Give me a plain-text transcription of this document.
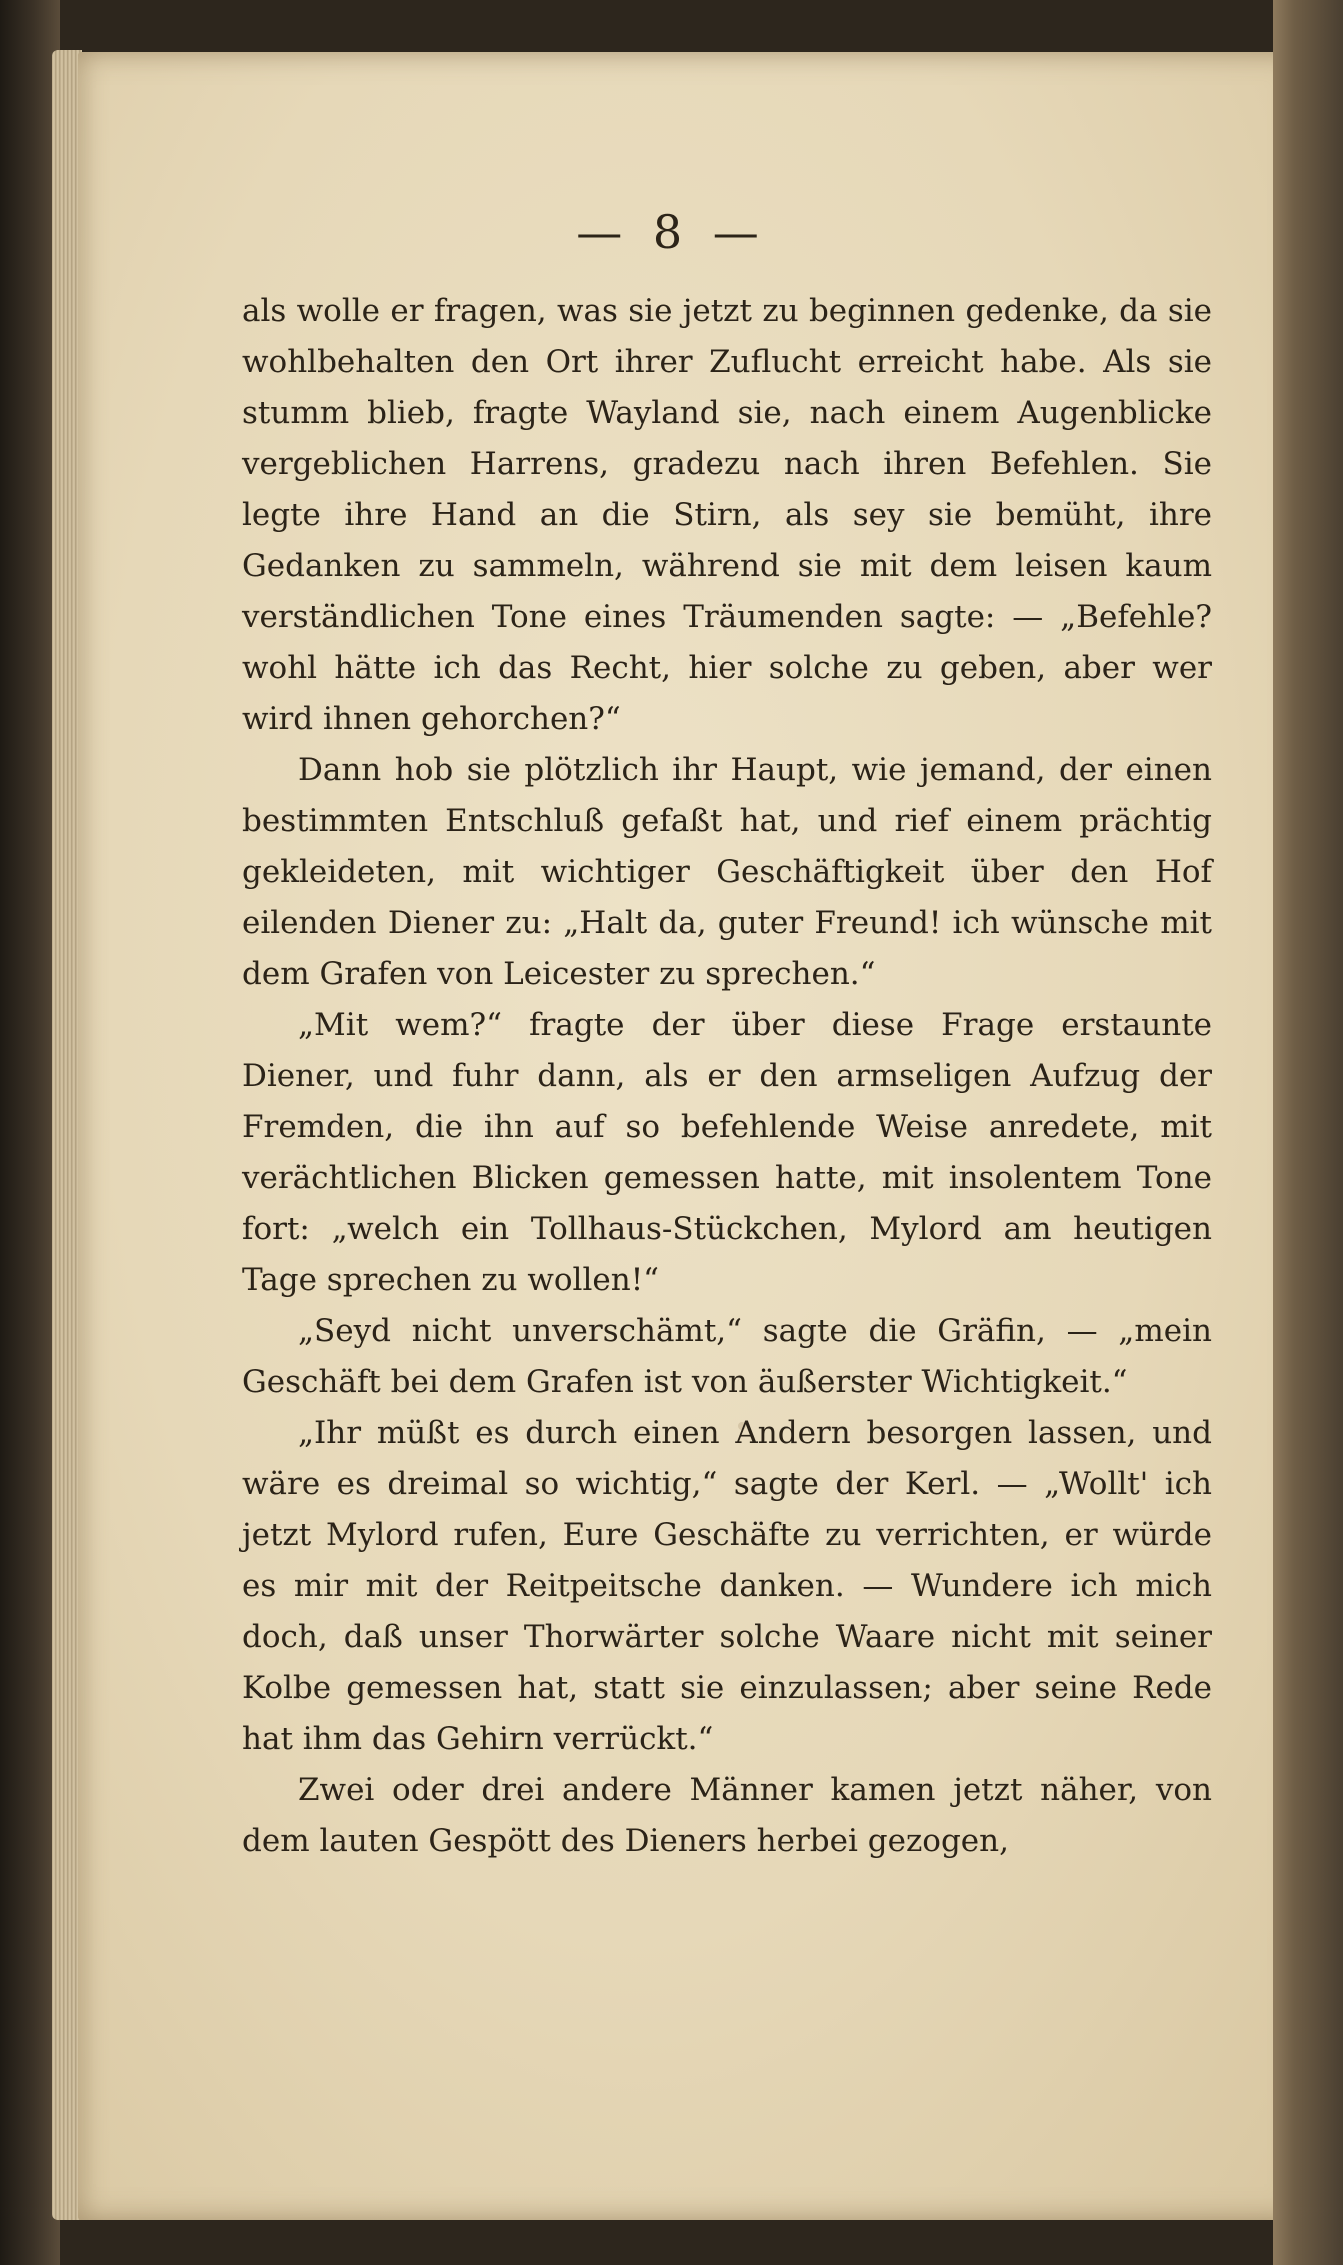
— 8 —

als wolle er fragen, was sie jetzt zu beginnen gedenke, da sie wohlbehalten den Ort ihrer Zuflucht erreicht habe. Als sie stumm blieb, fragte Wayland sie, nach einem Augenblicke vergeblichen Harrens, gradezu nach ihren Befehlen. Sie legte ihre Hand an die Stirn, als sey sie bemüht, ihre Gedanken zu sammeln, während sie mit dem leisen kaum verständlichen Tone eines Träumenden sagte: — „Befehle? wohl hätte ich das Recht, hier solche zu geben, aber wer wird ihnen gehorchen?“

Dann hob sie plötzlich ihr Haupt, wie jemand, der einen bestimmten Entschluß gefaßt hat, und rief einem prächtig gekleideten, mit wichtiger Geschäftigkeit über den Hof eilenden Diener zu: „Halt da, guter Freund! ich wünsche mit dem Grafen von Leicester zu sprechen.“

„Mit wem?“ fragte der über diese Frage erstaunte Diener, und fuhr dann, als er den armseligen Aufzug der Fremden, die ihn auf so befehlende Weise anredete, mit verächtlichen Blicken gemessen hatte, mit insolentem Tone fort: „welch ein Tollhaus-Stückchen, Mylord am heutigen Tage sprechen zu wollen!“

„Seyd nicht unverschämt,“ sagte die Gräfin, — „mein Geschäft bei dem Grafen ist von äußerster Wichtigkeit.“

„Ihr müßt es durch einen Andern besorgen lassen, und wäre es dreimal so wichtig,“ sagte der Kerl. — „Wollt' ich jetzt Mylord rufen, Eure Geschäfte zu verrichten, er würde es mir mit der Reitpeitsche danken. — Wundere ich mich doch, daß unser Thorwärter solche Waare nicht mit seiner Kolbe gemessen hat, statt sie einzulassen; aber seine Rede hat ihm das Gehirn verrückt.“

Zwei oder drei andere Männer kamen jetzt näher, von dem lauten Gespött des Dieners herbei gezogen,
